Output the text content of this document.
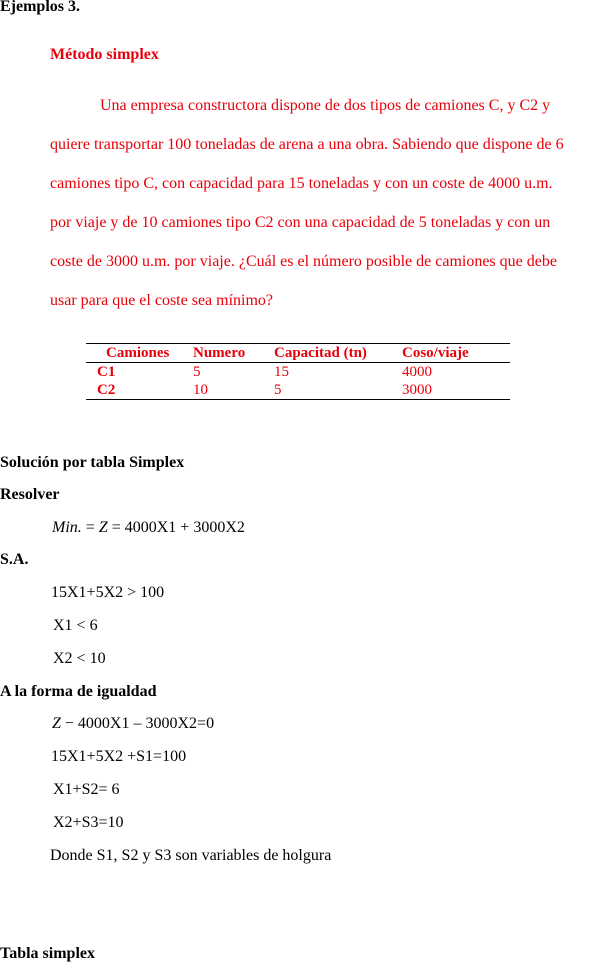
Ejemplos 3.
Método simplex
Una empresa constructora dispone de dos tipos de camiones C, y C2 y
quiere transportar 100 toneladas de arena a una obra. Sabiendo que dispone de 6
camiones tipo C, con capacidad para 15 toneladas y con un coste de 4000 u.m.
por viaje y de 10 camiones tipo C2 con una capacidad de 5 toneladas y con un
coste de 3000 u.m. por viaje. ¿Cuál es el número posible de camiones que debe
usar para que el coste sea mínimo?
Camiones	Numero	Capacitad (tn)	Coso/viaje
C1	5	15	4000
C2	10	5	3000
Solución por tabla Simplex
Resolver
Min. = Z = 4000X1 + 3000X2
S.A.
15X1+5X2 > 100
X1 < 6
X2 < 10
A la forma de igualdad
Z − 4000X1 – 3000X2=0
15X1+5X2 +S1=100
X1+S2= 6
X2+S3=10
Donde S1, S2 y S3 son variables de holgura
Tabla simplex
